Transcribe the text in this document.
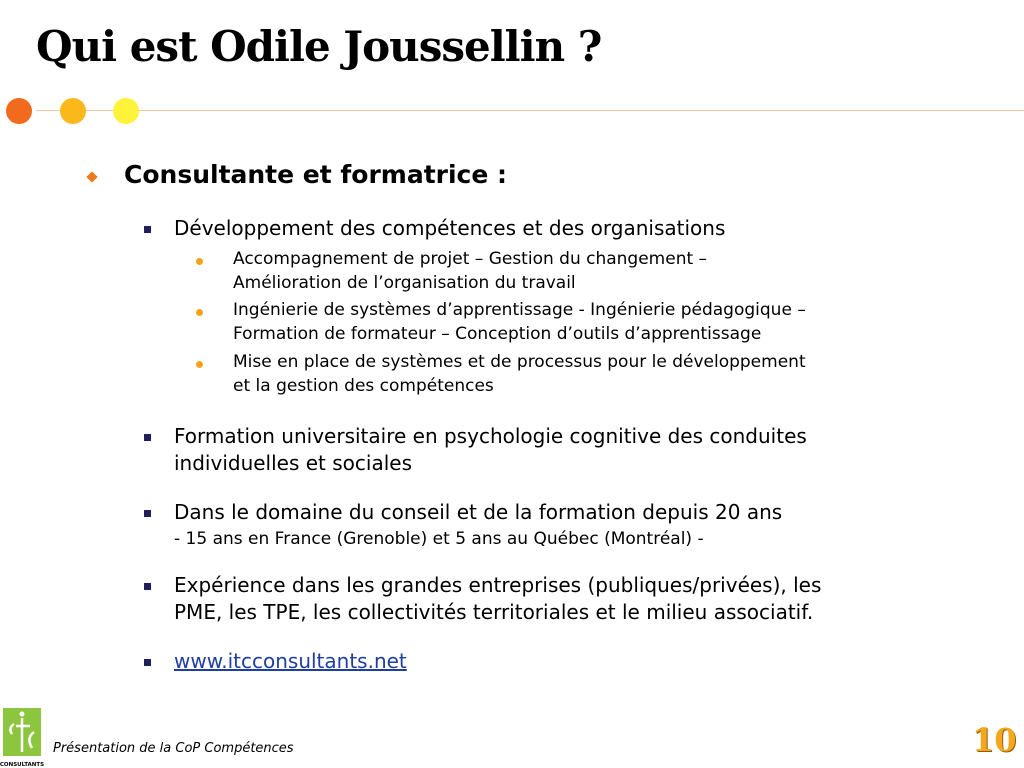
Qui est Odile Joussellin ?
Consultante et formatrice :
Développement des compétences et des organisations
Accompagnement de projet – Gestion du changement –
Amélioration de l’organisation du travail
Ingénierie de systèmes d’apprentissage - Ingénierie pédagogique –
Formation de formateur – Conception d’outils d’apprentissage
Mise en place de systèmes et de processus pour le développement
et la gestion des compétences
Formation universitaire en psychologie cognitive des conduites
individuelles et sociales
Dans le domaine du conseil et de la formation depuis 20 ans
- 15 ans en France (Grenoble) et 5 ans au Québec (Montréal) -
Expérience dans les grandes entreprises (publiques/privées), les
PME, les TPE, les collectivités territoriales et le milieu associatif.
www.itcconsultants.net
CONSULTANTS
Présentation de la CoP Compétences	10
